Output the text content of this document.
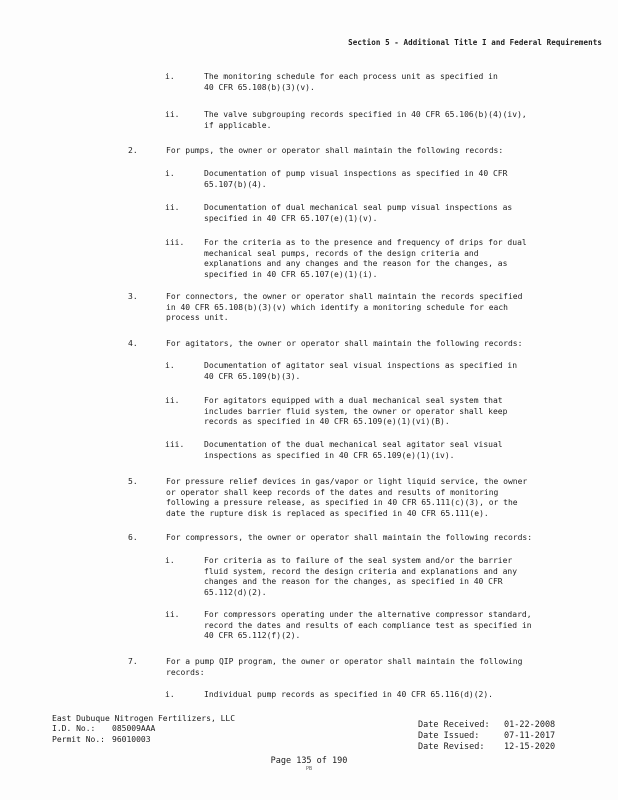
Section 5 - Additional Title I and Federal Requirements
i.	The monitoring schedule for each process unit as specified in
40 CFR 65.108(b)(3)(v).
ii.	The valve subgrouping records specified in 40 CFR 65.106(b)(4)(iv),
if applicable.
2.	For pumps, the owner or operator shall maintain the following records:
i.	Documentation of pump visual inspections as specified in 40 CFR
65.107(b)(4).
ii.	Documentation of dual mechanical seal pump visual inspections as
specified in 40 CFR 65.107(e)(1)(v).
iii. For the criteria as to the presence and frequency of drips for dual
mechanical seal pumps, records of the design criteria and
explanations and any changes and the reason for the changes, as
specified in 40 CFR 65.107(e)(1)(i).
3.	For connectors, the owner or operator shall maintain the records specified
in 40 CFR 65.108(b)(3)(v) which identify a monitoring schedule for each
process unit.
4.	For agitators, the owner or operator shall maintain the following records:
i.	Documentation of agitator seal visual inspections as specified in
40 CFR 65.109(b)(3).
ii.	For agitators equipped with a dual mechanical seal system that
includes barrier fluid system, the owner or operator shall keep
records as specified in 40 CFR 65.109(e)(1)(vi)(B).
iii. Documentation of the dual mechanical seal agitator seal visual
inspections as specified in 40 CFR 65.109(e)(1)(iv).
5.	For pressure relief devices in gas/vapor or light liquid service, the owner
or operator shall keep records of the dates and results of monitoring
following a pressure release, as specified in 40 CFR 65.111(c)(3), or the
date the rupture disk is replaced as specified in 40 CFR 65.111(e).
6.	For compressors, the owner or operator shall maintain the following records:
i.	For criteria as to failure of the seal system and/or the barrier
fluid system, record the design criteria and explanations and any
changes and the reason for the changes, as specified in 40 CFR
65.112(d)(2).
ii.	For compressors operating under the alternative compressor standard,
record the dates and results of each compliance test as specified in
40 CFR 65.112(f)(2).
7.	For a pump QIP program, the owner or operator shall maintain the following
records:
i.	Individual pump records as specified in 40 CFR 65.116(d)(2).
East Dubuque Nitrogen Fertilizers, LLC
I.D. No.:	085009AAA
Permit No.: 96010003
Date Received:	01-22-2008
Date Issued:	07-11-2017
Date Revised:	12-15-2020
Page 135 of 190
PB
